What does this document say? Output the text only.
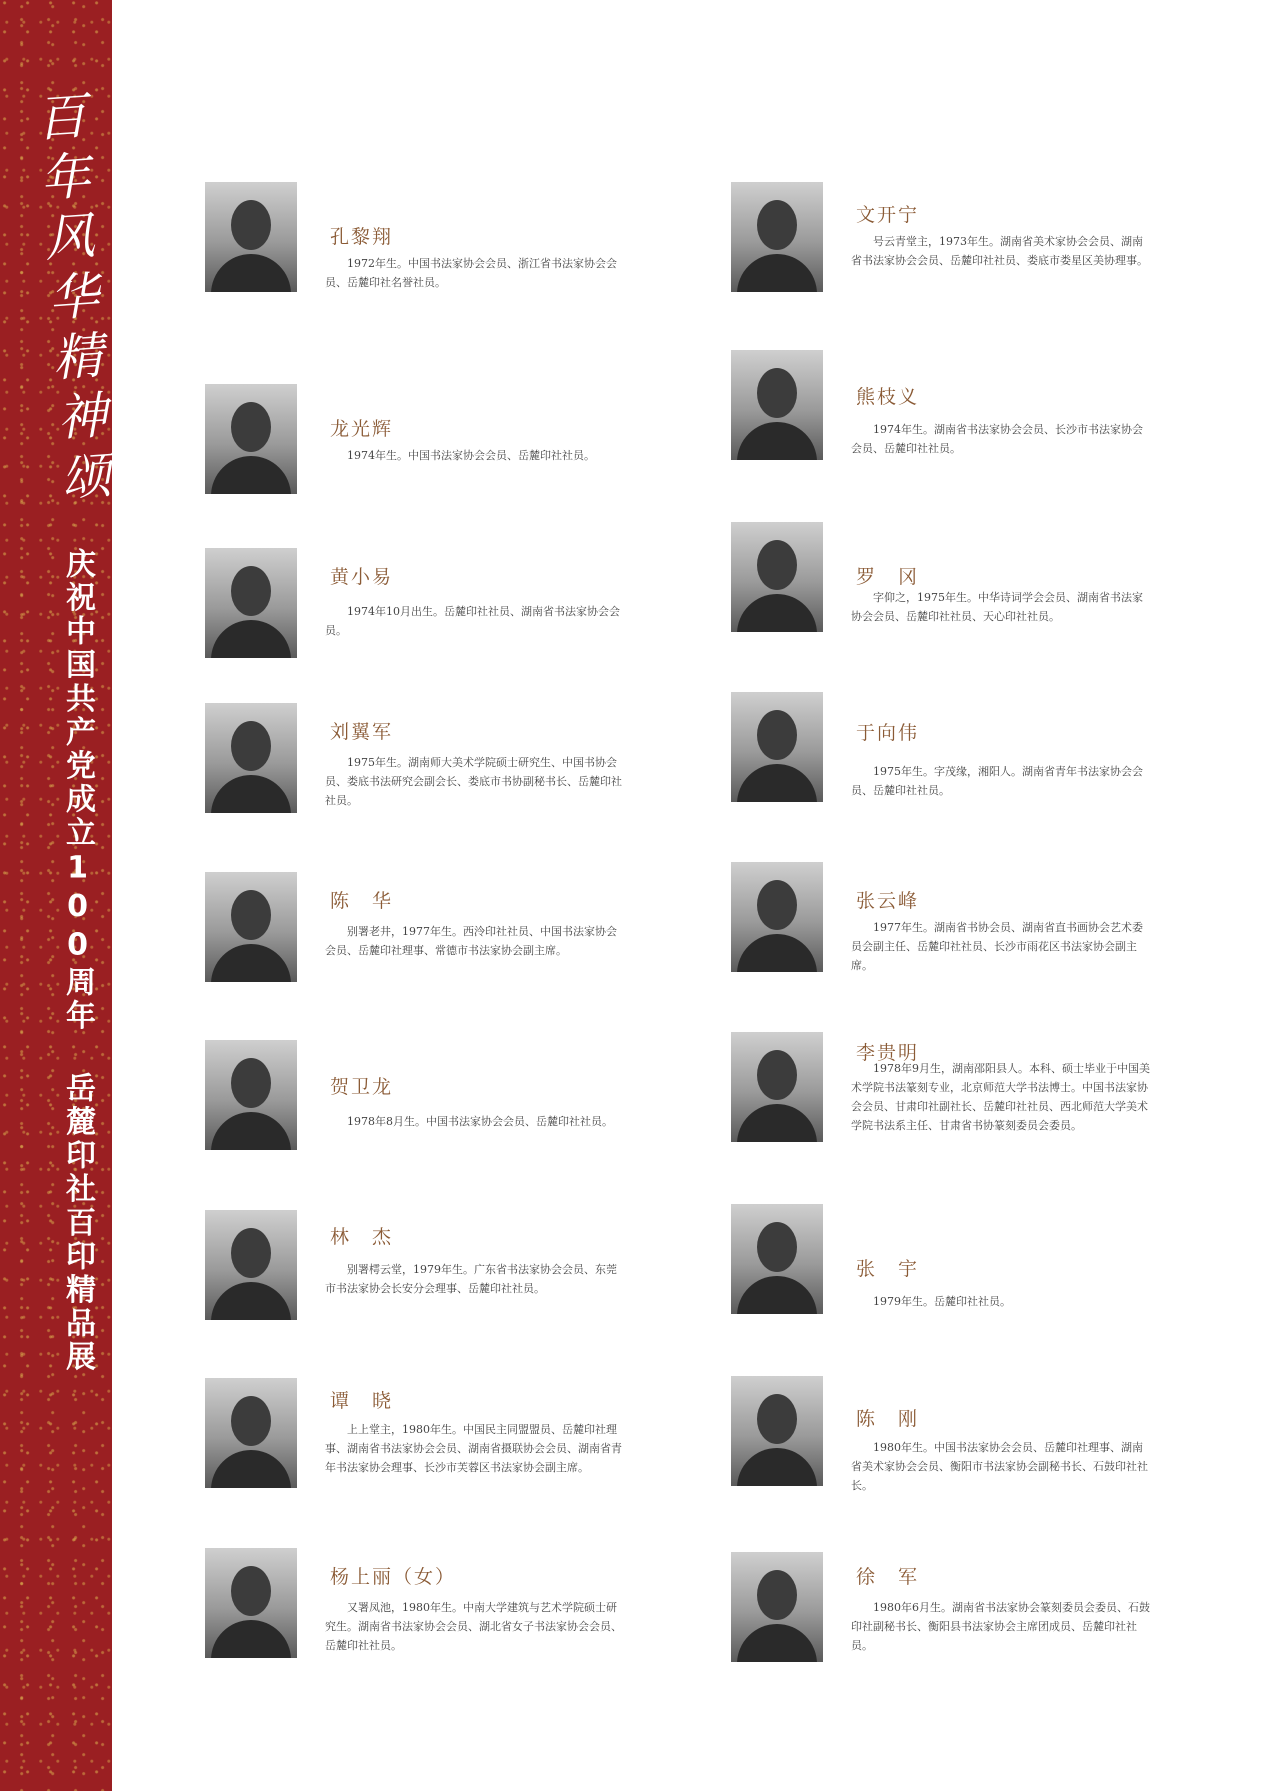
百年风华精神颂
庆祝中国共产党成立100周年 岳麓印社百印精品展
孔黎翔
1972年生。中国书法家协会会员、浙江省书法家协会会员、岳麓印社名誉社员。
龙光辉
1974年生。中国书法家协会会员、岳麓印社社员。
黄小易
1974年10月出生。岳麓印社社员、湖南省书法家协会会员。
刘翼军
1975年生。湖南师大美术学院硕士研究生、中国书协会员、娄底书法研究会副会长、娄底市书协副秘书长、岳麓印社社员。
陈　华
别署老井，1977年生。西泠印社社员、中国书法家协会会员、岳麓印社理事、常德市书法家协会副主席。
贺卫龙
1978年8月生。中国书法家协会会员、岳麓印社社员。
林　杰
别署樗云堂，1979年生。广东省书法家协会会员、东莞市书法家协会长安分会理事、岳麓印社社员。
谭　晓
上上堂主，1980年生。中国民主同盟盟员、岳麓印社理事、湖南省书法家协会会员、湖南省摄联协会会员、湖南省青年书法家协会理事、长沙市芙蓉区书法家协会副主席。
杨上丽（女）
又署凤池，1980年生。中南大学建筑与艺术学院硕士研究生。湖南省书法家协会会员、湖北省女子书法家协会会员、岳麓印社社员。
文开宁
号云青堂主，1973年生。湖南省美术家协会会员、湖南省书法家协会会员、岳麓印社社员、娄底市娄星区美协理事。
熊枝义
1974年生。湖南省书法家协会会员、长沙市书法家协会会员、岳麓印社社员。
罗　冈
字仰之，1975年生。中华诗词学会会员、湖南省书法家协会会员、岳麓印社社员、天心印社社员。
于向伟
1975年生。字茂缘，湘阳人。湖南省青年书法家协会会员、岳麓印社社员。
张云峰
1977年生。湖南省书协会员、湖南省直书画协会艺术委员会副主任、岳麓印社社员、长沙市雨花区书法家协会副主席。
李贵明
1978年9月生，湖南邵阳县人。本科、硕士毕业于中国美术学院书法篆刻专业，北京师范大学书法博士。中国书法家协会会员、甘肃印社副社长、岳麓印社社员、西北师范大学美术学院书法系主任、甘肃省书协篆刻委员会委员。
张　宇
1979年生。岳麓印社社员。
陈　刚
1980年生。中国书法家协会会员、岳麓印社理事、湖南省美术家协会会员、衡阳市书法家协会副秘书长、石鼓印社社长。
徐　军
1980年6月生。湖南省书法家协会篆刻委员会委员、石鼓印社副秘书长、衡阳县书法家协会主席团成员、岳麓印社社员。
